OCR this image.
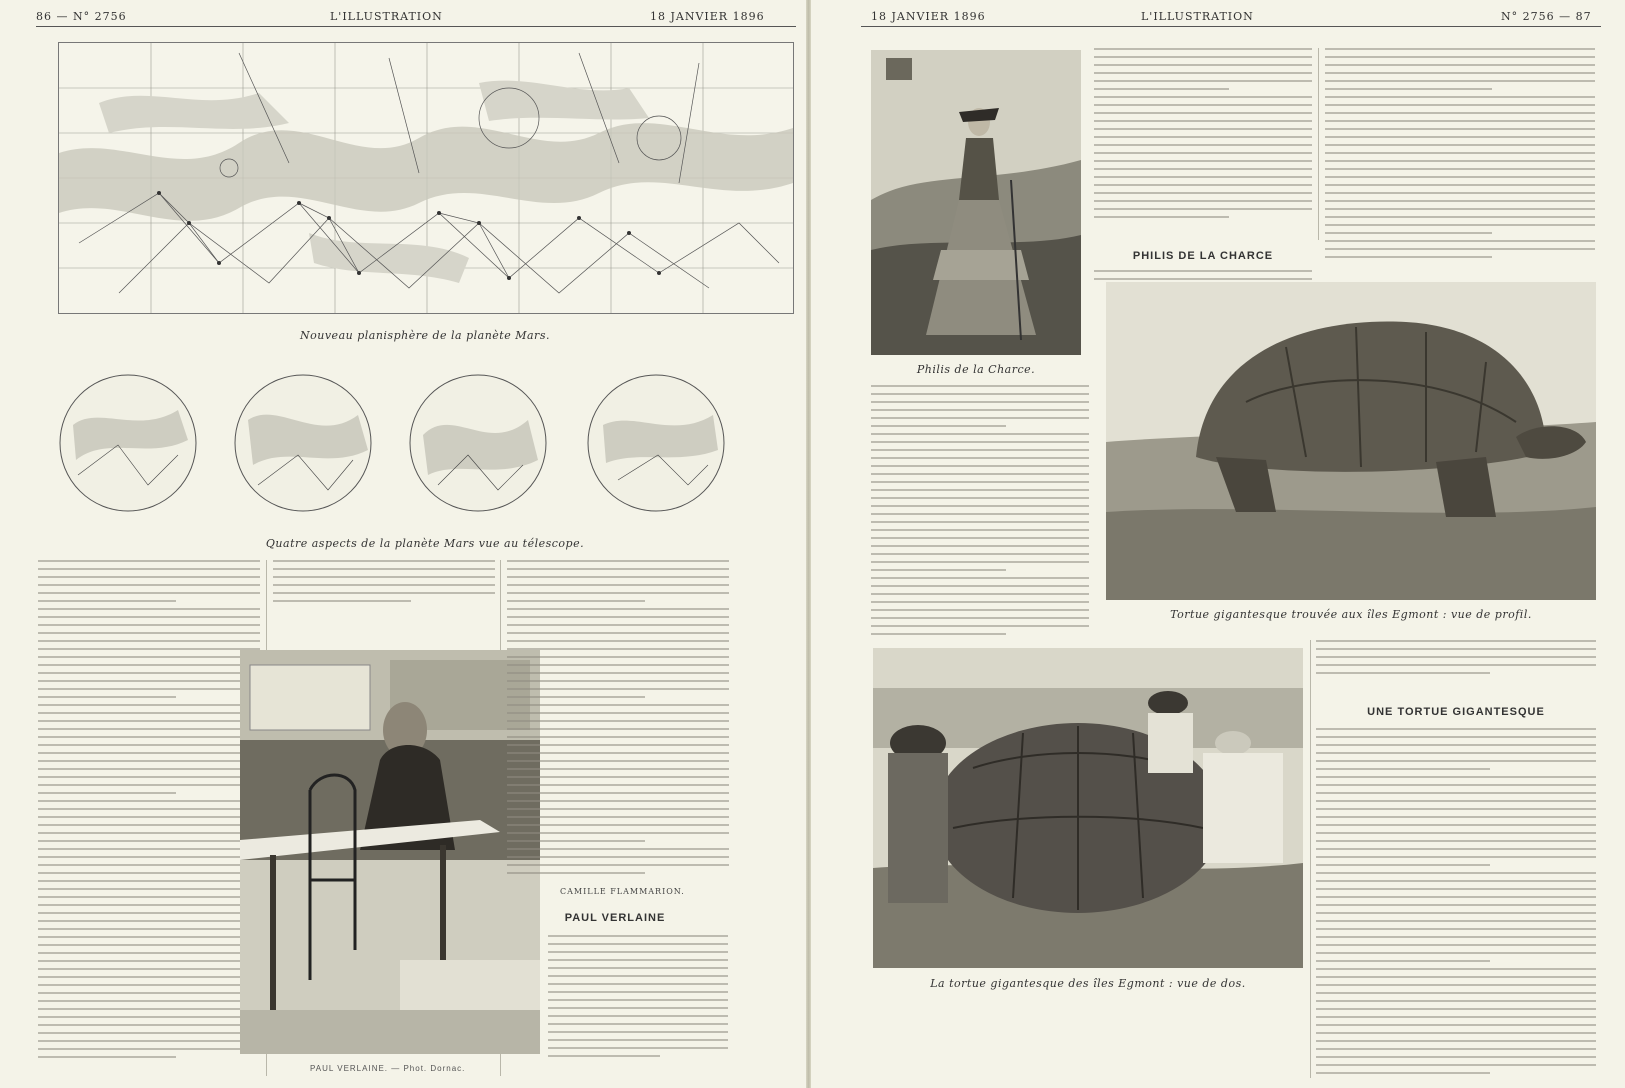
86 — N° 2756	L'ILLUSTRATION	18 JANVIER 1896
Nouveau planisphère de la planète Mars.
Quatre aspects de la planète Mars vue au télescope.
PAUL VERLAINE. — Phot. Dornac.
CAMILLE FLAMMARION.
PAUL VERLAINE
18 JANVIER 1896	L'ILLUSTRATION	N° 2756 — 87
Philis de la Charce.
PHILIS DE LA CHARCE
Tortue gigantesque trouvée aux îles Egmont : vue de profil.
La tortue gigantesque des îles Egmont : vue de dos.
UNE TORTUE GIGANTESQUE
